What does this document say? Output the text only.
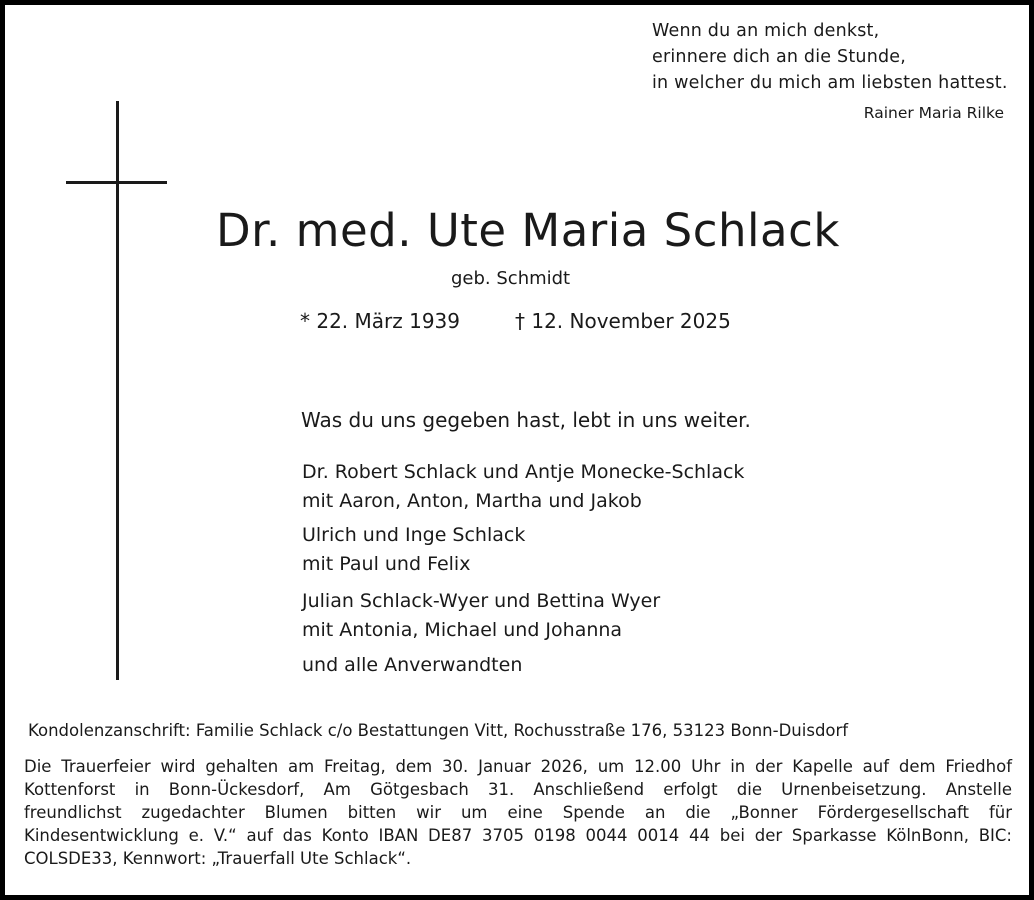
Wenn du an mich denkst,
erinnere dich an die Stunde,
in welcher du mich am liebsten hattest.
Rainer Maria Rilke
Dr. med. Ute Maria Schlack
geb. Schmidt
* 22. März 1939	† 12. November 2025
Was du uns gegeben hast, lebt in uns weiter.
Dr. Robert Schlack und Antje Monecke-Schlack
mit Aaron, Anton, Martha und Jakob
Ulrich und Inge Schlack
mit Paul und Felix
Julian Schlack-Wyer und Bettina Wyer
mit Antonia, Michael und Johanna
und alle Anverwandten
Kondolenzanschrift: Familie Schlack c/o Bestattungen Vitt, Rochusstraße 176, 53123 Bonn-Duisdorf
Die Trauerfeier wird gehalten am Freitag, dem 30. Januar 2026, um 12.00 Uhr in der Kapelle auf dem Friedhof
Kottenforst in Bonn-Ückesdorf, Am Götgesbach 31. Anschließend erfolgt die Urnenbeisetzung. Anstelle
freundlichst zugedachter Blumen bitten wir um eine Spende an die „Bonner Fördergesellschaft für
Kindesentwicklung e. V.“ auf das Konto IBAN DE87 3705 0198 0044 0014 44 bei der Sparkasse KölnBonn, BIC:
COLSDE33, Kennwort: „Trauerfall Ute Schlack“.
